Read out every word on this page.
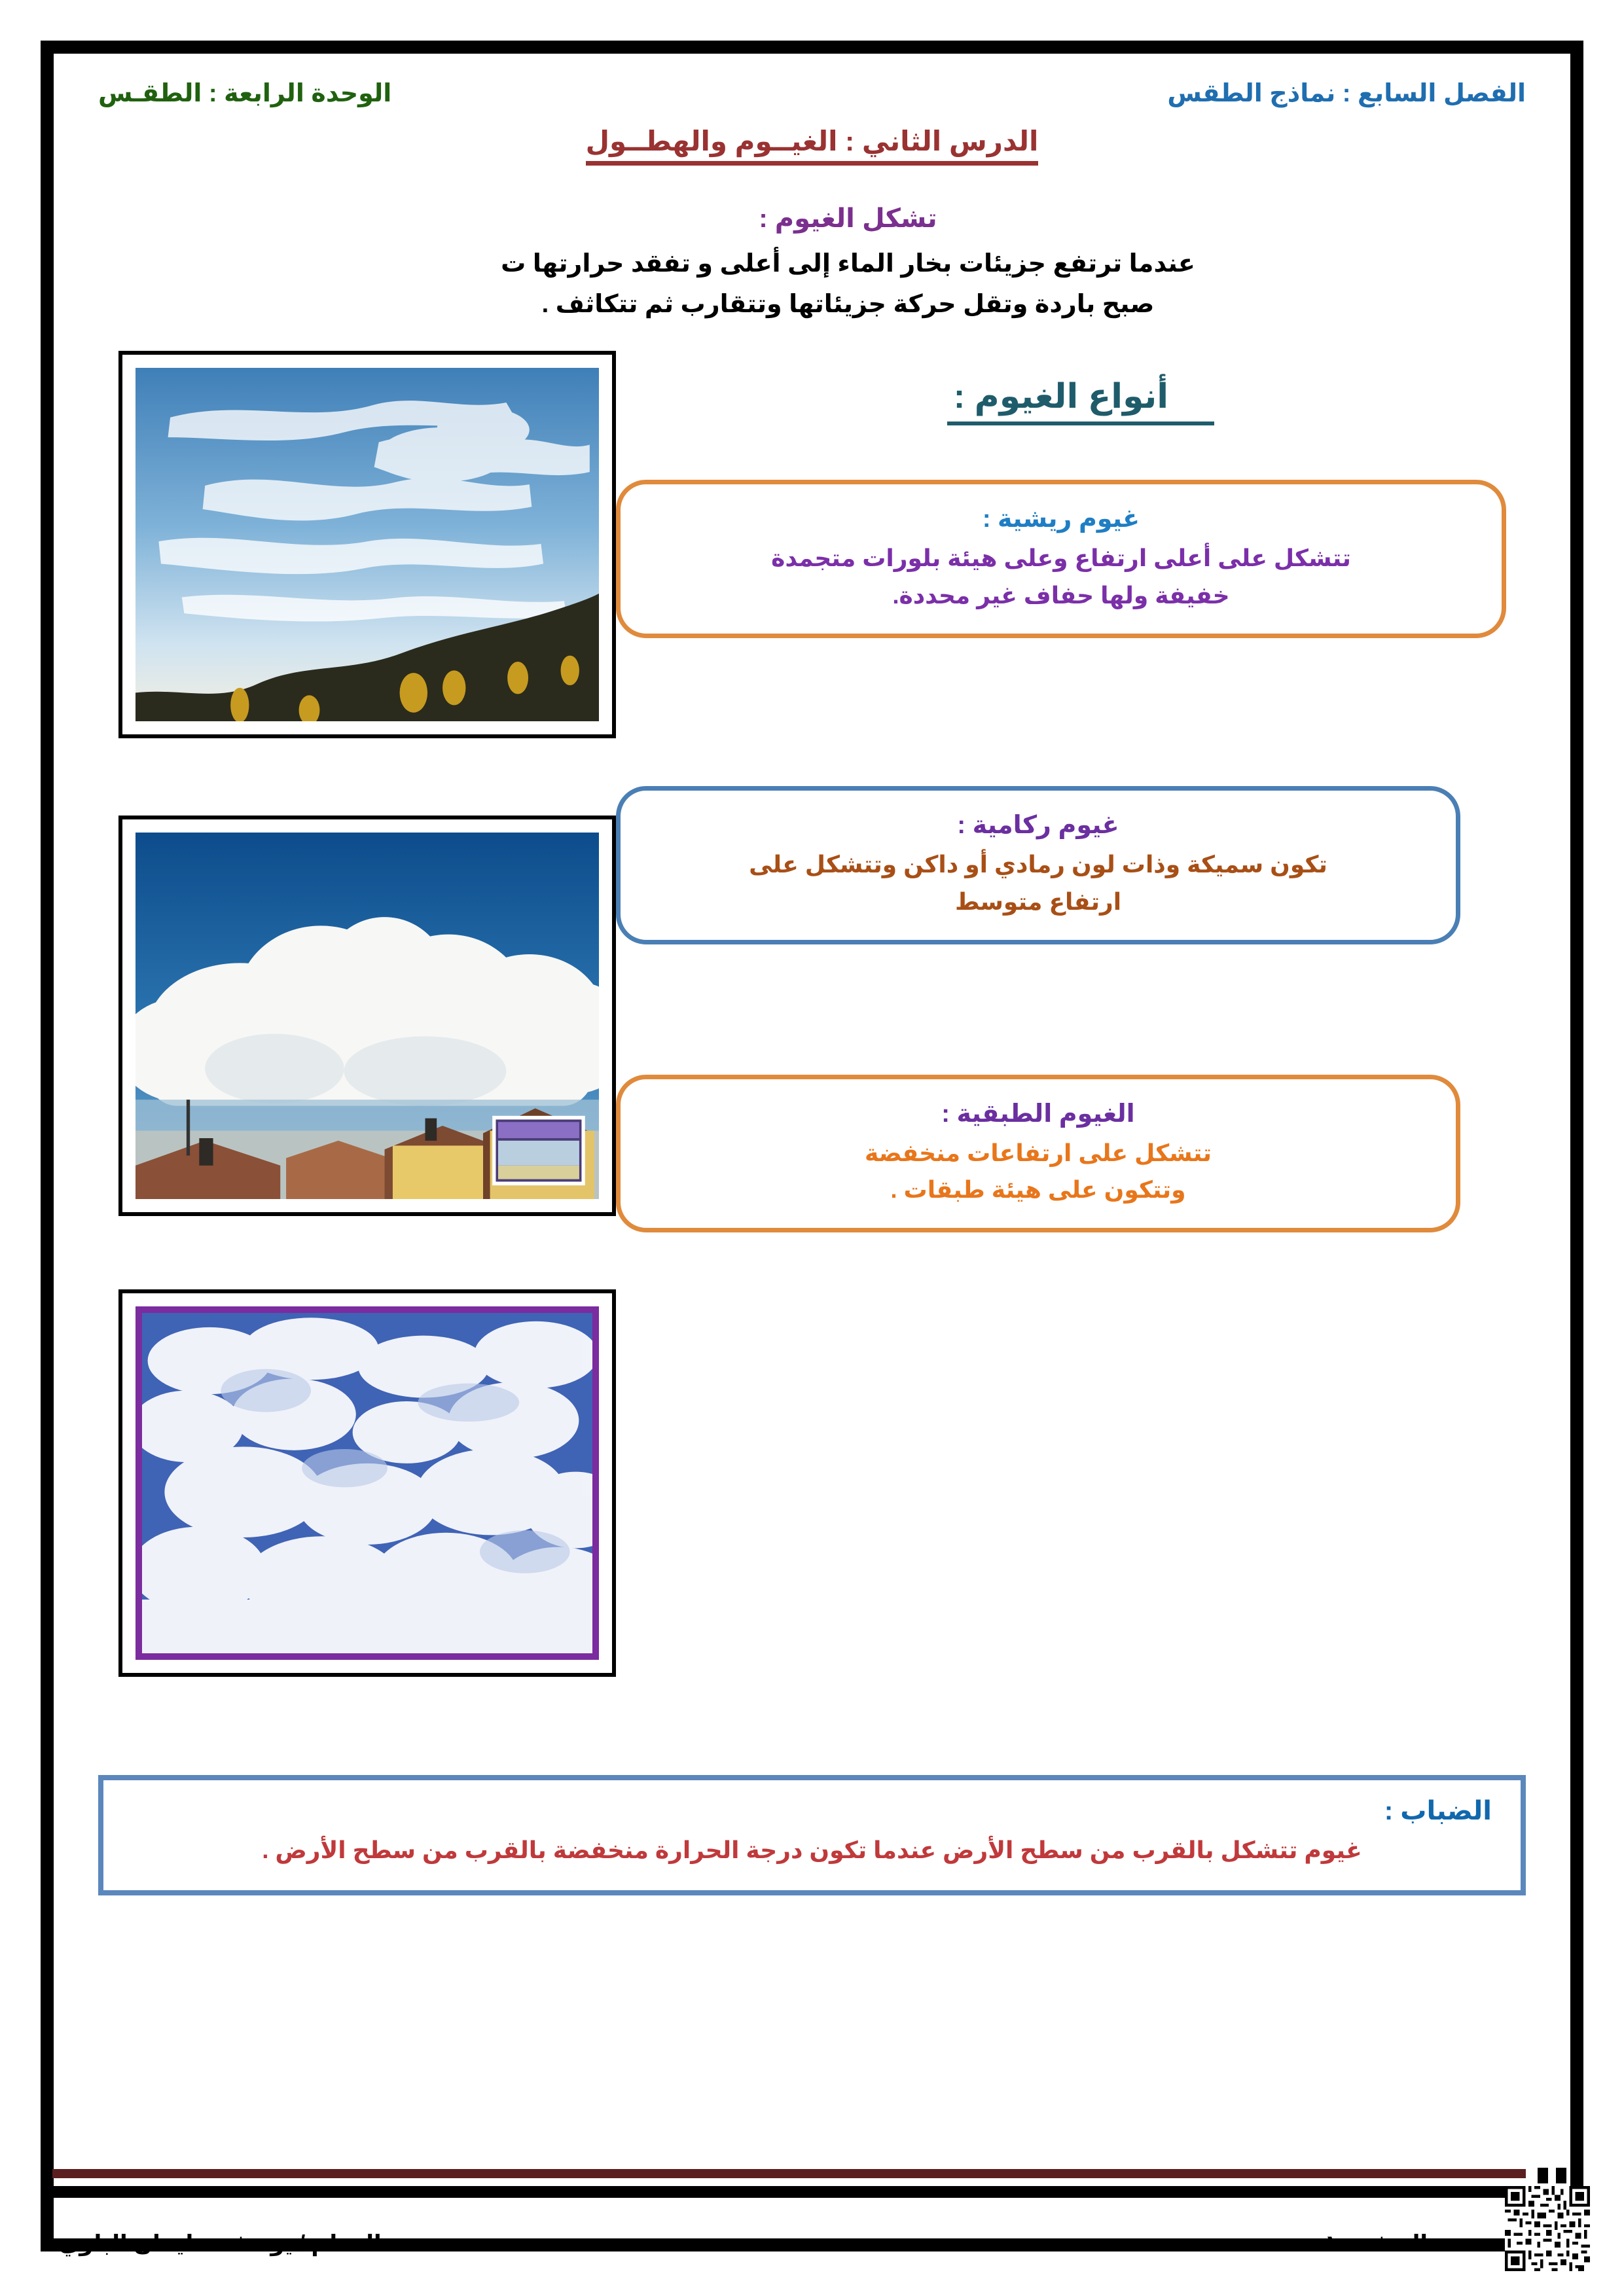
الفصل السابع : نماذج الطقس
الوحدة الرابعة : الطقـس
الدرس الثاني : الغيــوم والهطــول
تشكل الغيوم :
عندما ترتفع جزيئات بخار الماء إلى أعلى و تفقد حرارتها ت
صبح باردة وتقل حركة جزيئاتها وتتقارب ثم تتكاثف .
أنواع الغيوم :
غيوم ريشية :
تتشكل على أعلى ارتفاع وعلى هيئة بلورات متجمدة
خفيفة ولها حفاف غير محددة.
غيوم ركامية :
تكون سميكة وذات لون رمادي أو داكن وتتشكل على
ارتفاع متوسط
الغيوم الطبقية :
تتشكل على ارتفاعات منخفضة
وتتكون على هيئة طبقات .
الضباب :
غيوم تتشكل بالقرب من سطح الأرض عندما تكون درجة الحرارة منخفضة بالقرب من سطح الأرض .
المعلم / يوسف سليمان البلوي	الصفحة ١
